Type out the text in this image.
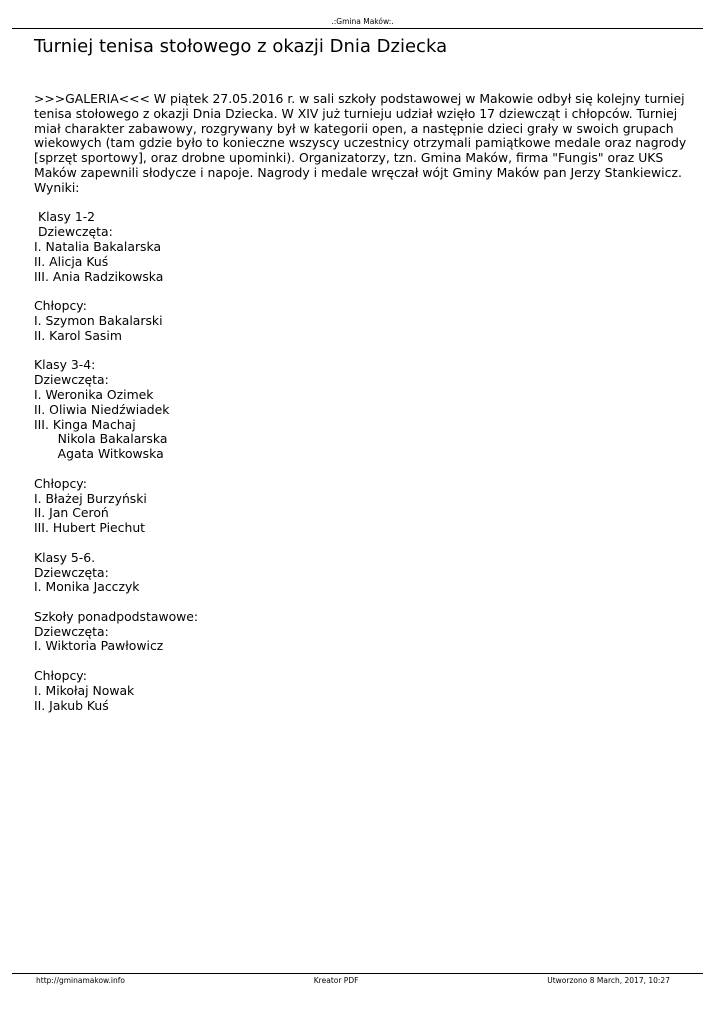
.:Gmina Maków:.
Turniej tenisa stołowego z okazji Dnia Dziecka
>>>GALERIA<<< W piątek 27.05.2016 r. w sali szkoły podstawowej w Makowie odbył się kolejny turniej
tenisa stołowego z okazji Dnia Dziecka. W XIV już turnieju udział wzięło 17 dziewcząt i chłopców. Turniej
miał charakter zabawowy, rozgrywany był w kategorii open, a następnie dzieci grały w swoich grupach
wiekowych (tam gdzie było to konieczne wszyscy uczestnicy otrzymali pamiątkowe medale oraz nagrody
[sprzęt sportowy], oraz drobne upominki). Organizatorzy, tzn. Gmina Maków, firma "Fungis" oraz UKS
Maków zapewnili słodycze i napoje. Nagrody i medale wręczał wójt Gminy Maków pan Jerzy Stankiewicz.
Wyniki:
Klasy 1-2
Dziewczęta:
I. Natalia Bakalarska
II. Alicja Kuś
III. Ania Radzikowska
Chłopcy:
I. Szymon Bakalarski
II. Karol Sasim
Klasy 3-4:
Dziewczęta:
I. Weronika Ozimek
II. Oliwia Niedźwiadek
III. Kinga Machaj
Nikola Bakalarska
Agata Witkowska
Chłopcy:
I. Błażej Burzyński
II. Jan Ceroń
III. Hubert Piechut
Klasy 5-6.
Dziewczęta:
I. Monika Jacczyk
Szkoły ponadpodstawowe:
Dziewczęta:
I. Wiktoria Pawłowicz
Chłopcy:
I. Mikołaj Nowak
II. Jakub Kuś
http://gminamakow.info	Kreator PDF	Utworzono 8 March, 2017, 10:27
